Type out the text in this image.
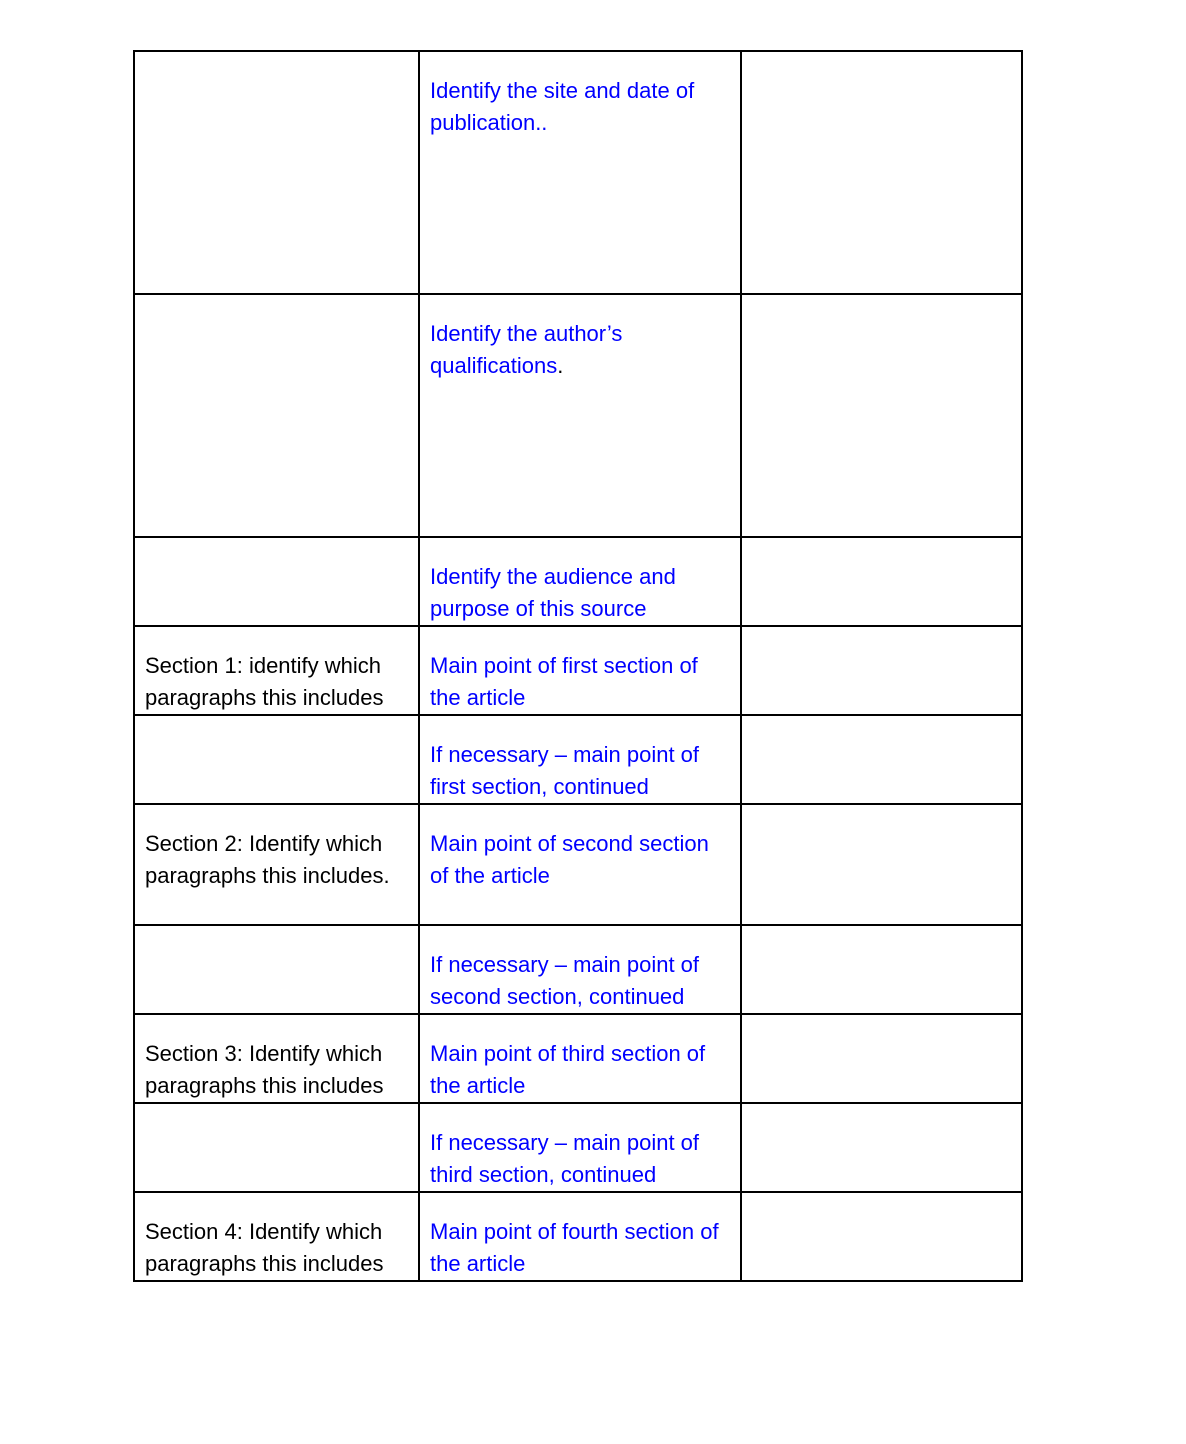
	Identify the site and date of publication..	
	Identify the author’s qualifications.	
	Identify the audience and purpose of this source	
Section 1: identify which paragraphs this includes	Main point of first section of the article	
	If necessary – main point of first section, continued	
Section 2: Identify which paragraphs this includes.	Main point of second section of the article	
	If necessary – main point of second section, continued	
Section 3: Identify which paragraphs this includes	Main point of third section of the article	
	If necessary – main point of third section, continued	
Section 4: Identify which paragraphs this includes	Main point of fourth section of the article	
